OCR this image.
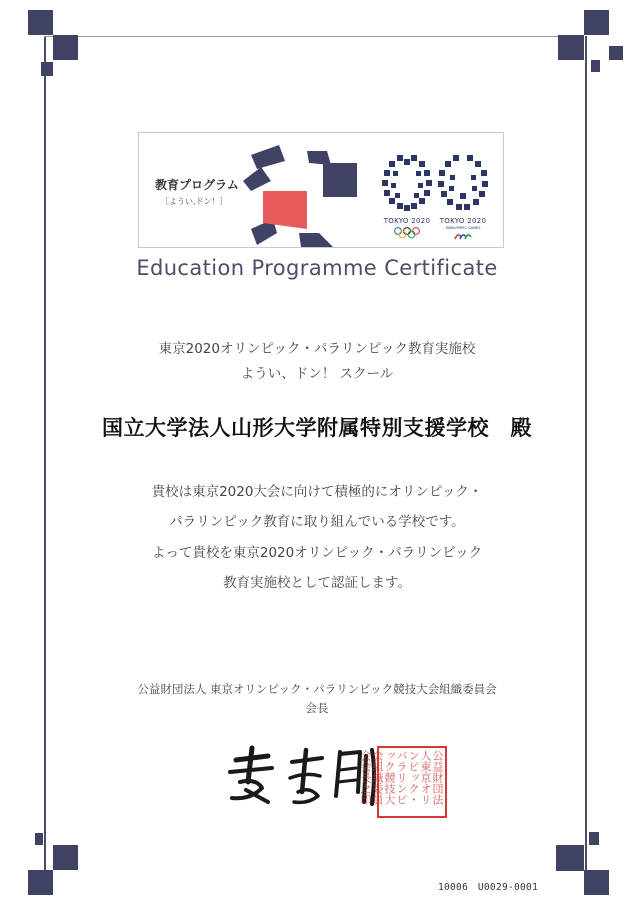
教育プログラム
［ようい,ドン！］
TOKYO 2020	TOKYO 2020
PARALYMPIC GAMES
Education Programme Certificate
東京2020オリンピック・パラリンピック教育実施校
ようい、ドン！ スクール
国立大学法人山形大学附属特別支援学校　殿
貴校は東京2020大会に向けて積極的にオリンピック・
パラリンピック教育に取り組んでいる学校です。
よって貴校を東京2020オリンピック・パラリンピック
教育実施校として認証します。
公益財団法人 東京オリンピック・パラリンピック競技大会組織委員会
会長
公益財団法人東京オリンピック・パラリンピック競技大会組織委員会会長之印
10006　U0029-0001
